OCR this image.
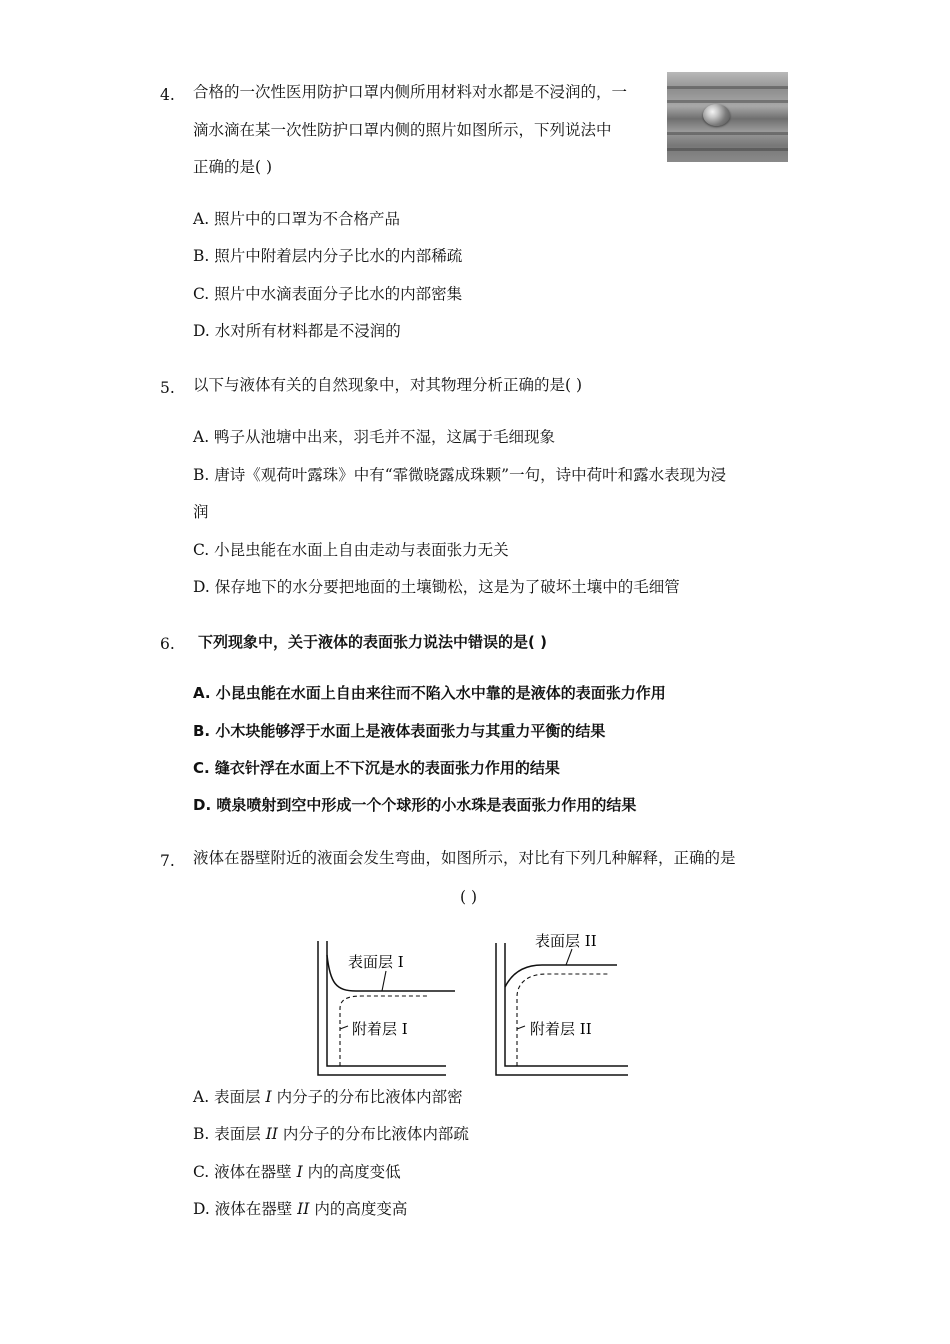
4. 合格的一次性医用防护口罩内侧所用材料对水都是不浸润的，一
滴水滴在某一次性防护口罩内侧的照片如图所示，下列说法中
正确的是( )
A. 照片中的口罩为不合格产品
B. 照片中附着层内分子比水的内部稀疏
C. 照片中水滴表面分子比水的内部密集
D. 水对所有材料都是不浸润的
5. 以下与液体有关的自然现象中，对其物理分析正确的是( )
A. 鸭子从池塘中出来，羽毛并不湿，这属于毛细现象
B. 唐诗《观荷叶露珠》中有“霏微晓露成珠颗”一句，诗中荷叶和露水表现为浸
润
C. 小昆虫能在水面上自由走动与表面张力无关
D. 保存地下的水分要把地面的土壤锄松，这是为了破坏土壤中的毛细管
6. 下列现象中，关于液体的表面张力说法中错误的是( )
A. 小昆虫能在水面上自由来往而不陷入水中靠的是液体的表面张力作用
B. 小木块能够浮于水面上是液体表面张力与其重力平衡的结果
C. 缝衣针浮在水面上不下沉是水的表面张力作用的结果
D. 喷泉喷射到空中形成一个个球形的小水珠是表面张力作用的结果
7. 液体在器壁附近的液面会发生弯曲，如图所示，对比有下列几种解释，正确的是
( )
表面层 I
附着层 I
表面层 II
附着层 II
A. 表面层 I 内分子的分布比液体内部密
B. 表面层 II 内分子的分布比液体内部疏
C. 液体在器壁 I 内的高度变低
D. 液体在器壁 II 内的高度变高
